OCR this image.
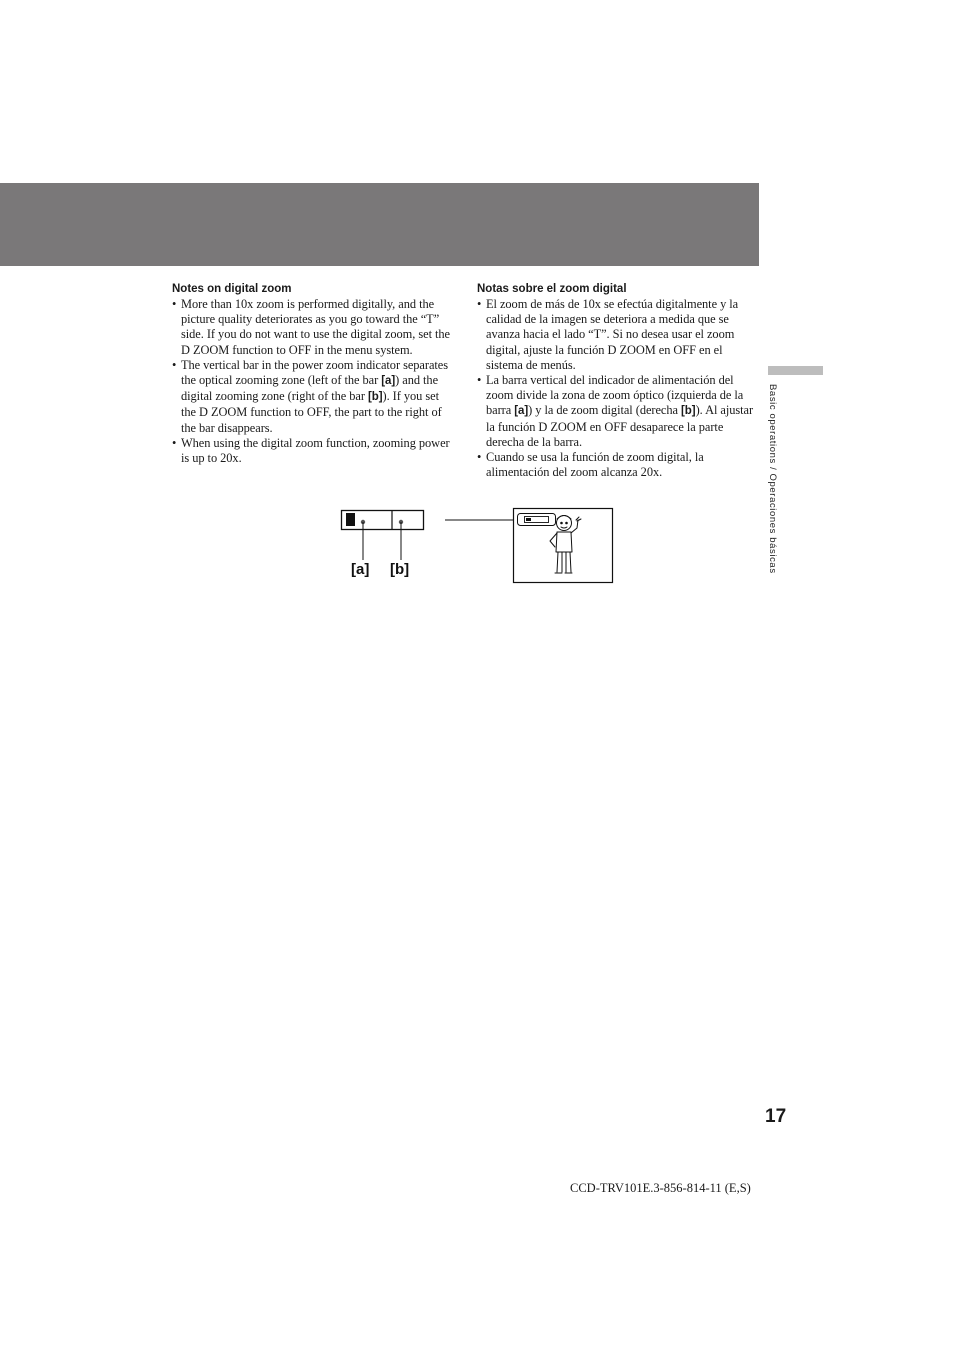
Basic operations / Operaciones básicas

Notes on digital zoom

• More than 10x zoom is performed digitally, and the picture quality deteriorates as you go toward the “T” side. If you do not want to use the digital zoom, set the D ZOOM function to OFF in the menu system.
• The vertical bar in the power zoom indicator separates the optical zooming zone (left of the bar [a]) and the digital zooming zone (right of the bar [b]). If you set the D ZOOM function to OFF, the part to the right of the bar disappears.
• When using the digital zoom function, zooming power is up to 20x.

Notas sobre el zoom digital

• El zoom de más de 10x se efectúa digitalmente y la calidad de la imagen se deteriora a medida que se avanza hacia el lado “T”. Si no desea usar el zoom digital, ajuste la función D ZOOM en OFF en el sistema de menús.
• La barra vertical del indicador de alimentación del zoom divide la zona de zoom óptico (izquierda de la barra [a]) y la de zoom digital (derecha [b]). Al ajustar la función D ZOOM en OFF desaparece la parte derecha de la barra.
• Cuando se usa la función de zoom digital, la alimentación del zoom alcanza 20x.
[a] [b]
17
CCD-TRV101E.3-856-814-11 (E,S)
